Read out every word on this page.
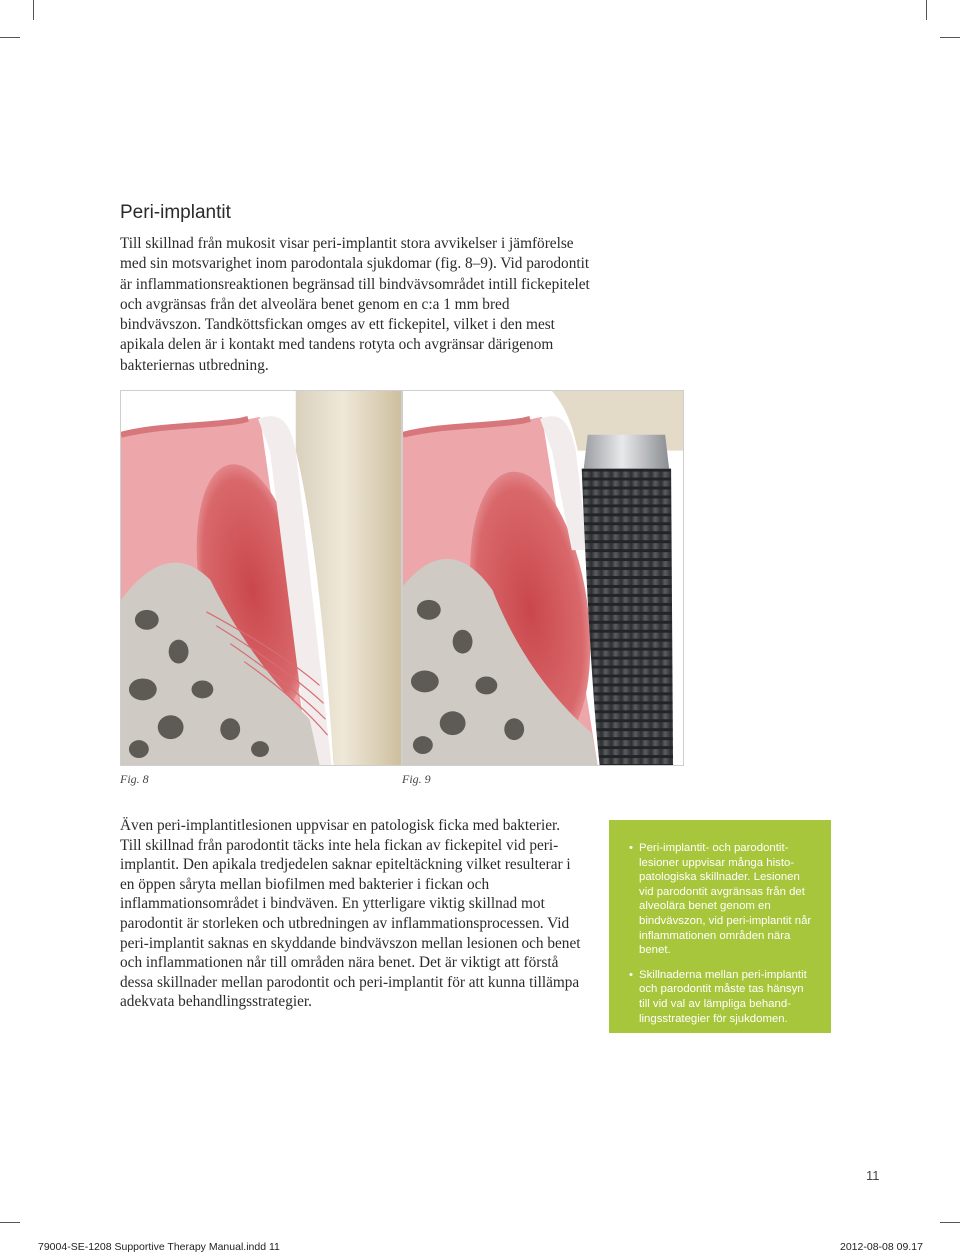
Peri-implantit

Till skillnad från mukosit visar peri-implantit stora avvikelser i jämförelse med sin motsvarighet inom parodontala sjukdomar (fig. 8–9). Vid parodontit är inflammationsreaktionen begränsad till bindvävsområdet intill fickepitelet och avgränsas från det alveolära benet genom en c:a 1 mm bred bindvävszon. Tandköttsfickan omges av ett fickepitel, vilket i den mest apikala delen är i kontakt med tandens rotyta och avgränsar därigenom bakteriernas utbredning.

Fig. 8	Fig. 9

Även peri-implantitlesionen uppvisar en patologisk ficka med bakterier. Till skillnad från parodontit täcks inte hela fickan av fickepitel vid peri-implantit. Den apikala tredjedelen saknar epiteltäckning vilket resulterar i en öppen såryta mellan biofilmen med bakterier i fickan och inflammationsområdet i bindväven. En ytterligare viktig skillnad mot parodontit är storleken och utbredningen av inflammationsprocessen. Vid peri-implantit saknas en skyddande bindvävszon mellan lesionen och benet och inflammationen når till områden nära benet. Det är viktigt att förstå dessa skillnader mellan parodontit och peri-implantit för att kunna tillämpa adekvata behandlingsstrategier.

• Peri-implantit- och parodontit-lesioner uppvisar många histo-patologiska skillnader. Lesionen vid parodontit avgränsas från det alveolära benet genom en bindvävszon, vid peri-implantit når inflammationen områden nära benet.
• Skillnaderna mellan peri-implantit och parodontit måste tas hänsyn till vid val av lämpliga behand-lingsstrategier för sjukdomen.

11

79004-SE-1208 Supportive Therapy Manual.indd 11	2012-08-08 09.17
